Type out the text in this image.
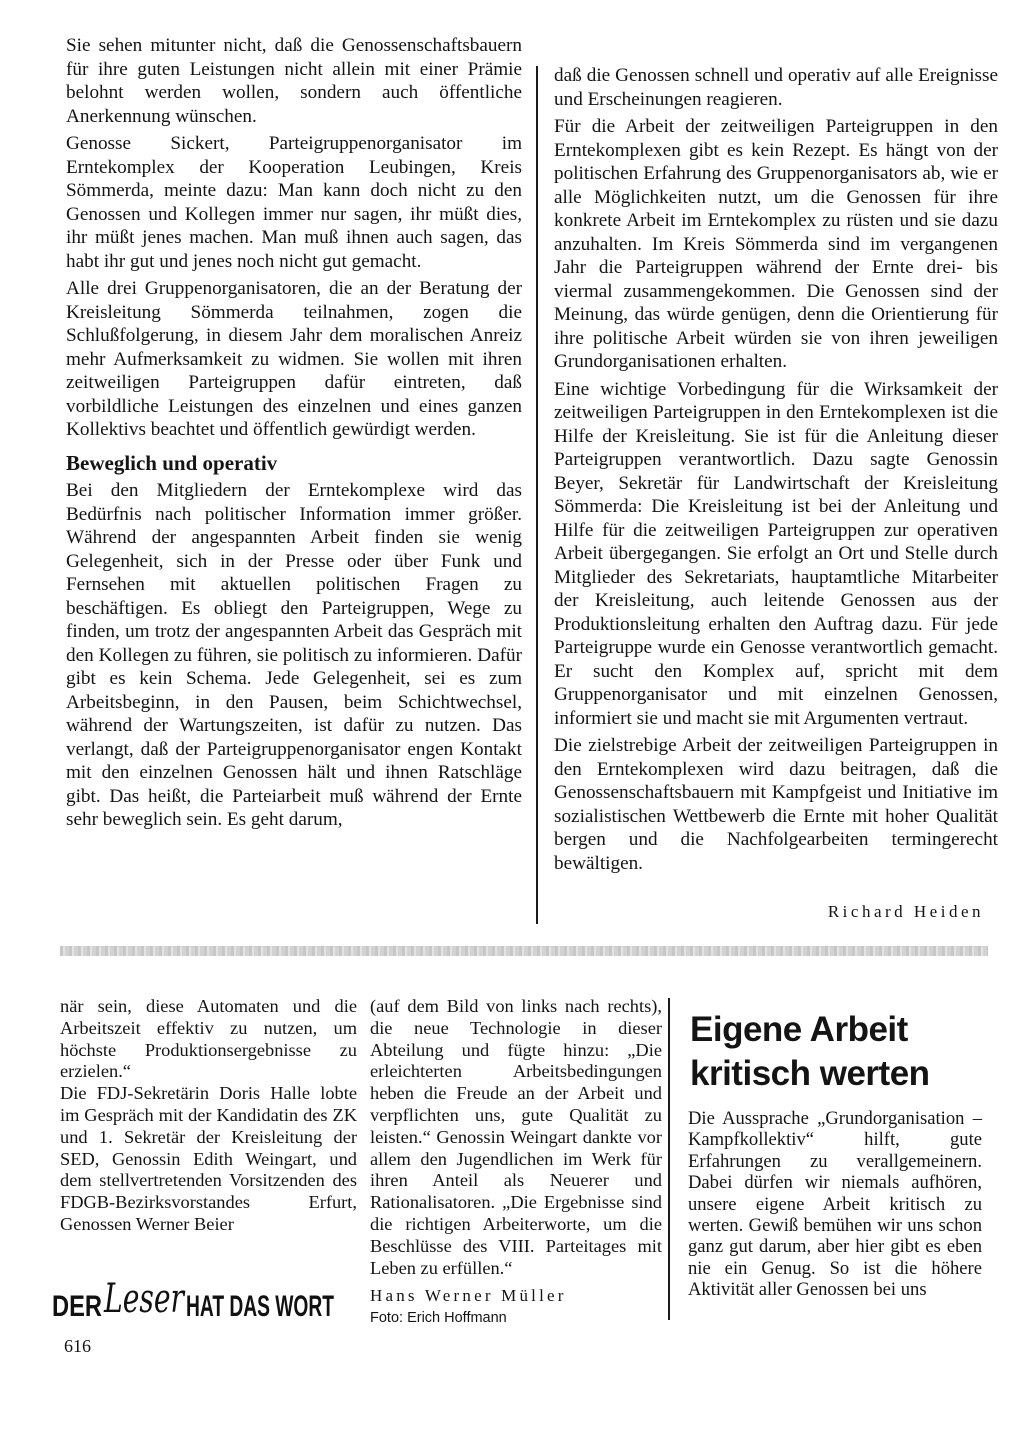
Sie sehen mitunter nicht, daß die Genossenschaftsbauern für ihre guten Leistungen nicht allein mit einer Prämie belohnt werden wollen, sondern auch öffentliche Anerkennung wünschen.

Genosse Sickert, Parteigruppenorganisator im Erntekomplex der Kooperation Leubingen, Kreis Sömmerda, meinte dazu: Man kann doch nicht zu den Genossen und Kollegen immer nur sagen, ihr müßt dies, ihr müßt jenes machen. Man muß ihnen auch sagen, das habt ihr gut und jenes noch nicht gut gemacht.

Alle drei Gruppenorganisatoren, die an der Beratung der Kreisleitung Sömmerda teilnahmen, zogen die Schlußfolgerung, in diesem Jahr dem moralischen Anreiz mehr Aufmerksamkeit zu widmen. Sie wollen mit ihren zeitweiligen Parteigruppen dafür eintreten, daß vorbildliche Leistungen des einzelnen und eines ganzen Kollektivs beachtet und öffentlich gewürdigt werden.

Beweglich und operativ

Bei den Mitgliedern der Erntekomplexe wird das Bedürfnis nach politischer Information immer größer. Während der angespannten Arbeit finden sie wenig Gelegenheit, sich in der Presse oder über Funk und Fernsehen mit aktuellen politischen Fragen zu beschäftigen. Es obliegt den Parteigruppen, Wege zu finden, um trotz der angespannten Arbeit das Gespräch mit den Kollegen zu führen, sie politisch zu informieren. Dafür gibt es kein Schema. Jede Gelegenheit, sei es zum Arbeitsbeginn, in den Pausen, beim Schichtwechsel, während der Wartungszeiten, ist dafür zu nutzen. Das verlangt, daß der Parteigruppenorganisator engen Kontakt mit den einzelnen Genossen hält und ihnen Ratschläge gibt. Das heißt, die Parteiarbeit muß während der Ernte sehr beweglich sein. Es geht darum,

daß die Genossen schnell und operativ auf alle Ereignisse und Erscheinungen reagieren.

Für die Arbeit der zeitweiligen Parteigruppen in den Erntekomplexen gibt es kein Rezept. Es hängt von der politischen Erfahrung des Gruppenorganisators ab, wie er alle Möglichkeiten nutzt, um die Genossen für ihre konkrete Arbeit im Erntekomplex zu rüsten und sie dazu anzuhalten. Im Kreis Sömmerda sind im vergangenen Jahr die Parteigruppen während der Ernte drei- bis viermal zusammengekommen. Die Genossen sind der Meinung, das würde genügen, denn die Orientierung für ihre politische Arbeit würden sie von ihren jeweiligen Grundorganisationen erhalten.

Eine wichtige Vorbedingung für die Wirksamkeit der zeitweiligen Parteigruppen in den Erntekomplexen ist die Hilfe der Kreisleitung. Sie ist für die Anleitung dieser Parteigruppen verantwortlich. Dazu sagte Genossin Beyer, Sekretär für Landwirtschaft der Kreisleitung Sömmerda: Die Kreisleitung ist bei der Anleitung und Hilfe für die zeitweiligen Parteigruppen zur operativen Arbeit übergegangen. Sie erfolgt an Ort und Stelle durch Mitglieder des Sekretariats, hauptamtliche Mitarbeiter der Kreisleitung, auch leitende Genossen aus der Produktionsleitung erhalten den Auftrag dazu. Für jede Parteigruppe wurde ein Genosse verantwortlich gemacht. Er sucht den Komplex auf, spricht mit dem Gruppenorganisator und mit einzelnen Genossen, informiert sie und macht sie mit Argumenten vertraut.

Die zielstrebige Arbeit der zeitweiligen Parteigruppen in den Erntekomplexen wird dazu beitragen, daß die Genossenschaftsbauern mit Kampfgeist und Initiative im sozialistischen Wettbewerb die Ernte mit hoher Qualität bergen und die Nachfolgearbeiten termingerecht bewältigen.

Richard Heiden

när sein, diese Automaten und die Arbeitszeit effektiv zu nutzen, um höchste Produktionsergebnisse zu erzielen.“

Die FDJ-Sekretärin Doris Halle lobte im Gespräch mit der Kandidatin des ZK und 1. Sekretär der Kreisleitung der SED, Genossin Edith Weingart, und dem stellvertretenden Vorsitzenden des FDGB-Bezirksvorstandes Erfurt, Genossen Werner Beier

(auf dem Bild von links nach rechts), die neue Technologie in dieser Abteilung und fügte hinzu: „Die erleichterten Arbeitsbedingungen heben die Freude an der Arbeit und verpflichten uns, gute Qualität zu leisten.“ Genossin Weingart dankte vor allem den Jugendlichen im Werk für ihren Anteil als Neuerer und Rationalisatoren. „Die Ergebnisse sind die richtigen Arbeiterworte, um die Beschlüsse des VIII. Parteitages mit Leben zu erfüllen.“

Hans Werner Müller
Foto: Erich Hoffmann
Eigene Arbeit
kritisch werten

Die Aussprache „Grundorganisation – Kampfkollektiv“ hilft, gute Erfahrungen zu verallgemeinern. Dabei dürfen wir niemals aufhören, unsere eigene Arbeit kritisch zu werten. Gewiß bemühen wir uns schon ganz gut darum, aber hier gibt es eben nie ein Genug. So ist die höhere Aktivität aller Genossen bei uns

DER Leser HAT DAS WORT
616
